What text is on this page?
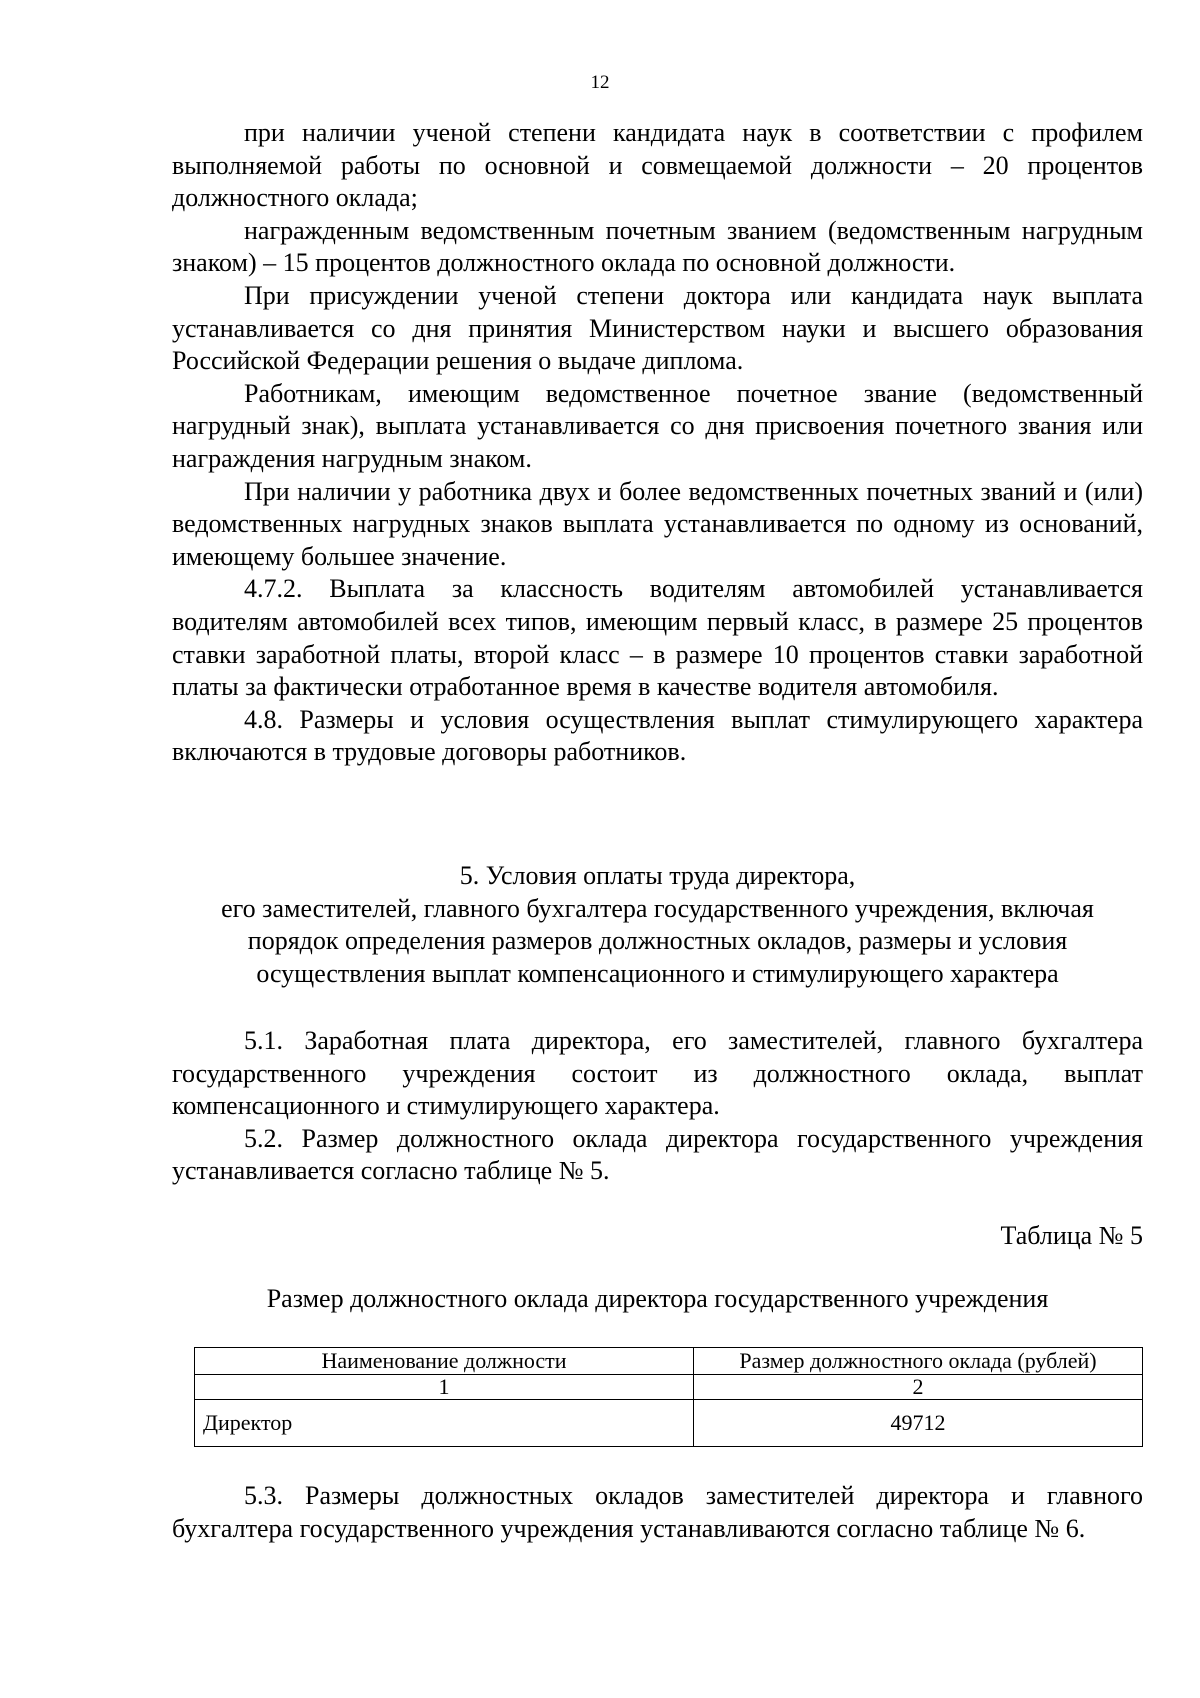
12

при наличии ученой степени кандидата наук в соответствии с профилем выполняемой работы по основной и совмещаемой должности – 20 процентов должностного оклада;

награжденным ведомственным почетным званием (ведомственным нагрудным знаком) – 15 процентов должностного оклада по основной должности.

При присуждении ученой степени доктора или кандидата наук выплата устанавливается со дня принятия Министерством науки и высшего образования Российской Федерации решения о выдаче диплома.

Работникам, имеющим ведомственное почетное звание (ведомственный нагрудный знак), выплата устанавливается со дня присвоения почетного звания или награждения нагрудным знаком.

При наличии у работника двух и более ведомственных почетных званий и (или) ведомственных нагрудных знаков выплата устанавливается по одному из оснований, имеющему большее значение.

4.7.2. Выплата за классность водителям автомобилей устанавливается водителям автомобилей всех типов, имеющим первый класс, в размере 25 процентов ставки заработной платы, второй класс – в размере 10 процентов ставки заработной платы за фактически отработанное время в качестве водителя автомобиля.

4.8. Размеры и условия осуществления выплат стимулирующего характера включаются в трудовые договоры работников.

5. Условия оплаты труда директора,
его заместителей, главного бухгалтера государственного учреждения, включая
порядок определения размеров должностных окладов, размеры и условия
осуществления выплат компенсационного и стимулирующего характера

5.1. Заработная плата директора, его заместителей, главного бухгалтера государственного учреждения состоит из должностного оклада, выплат компенсационного и стимулирующего характера.

5.2. Размер должностного оклада директора государственного учреждения устанавливается согласно таблице № 5.

Таблица № 5
Размер должностного оклада директора государственного учреждения
Наименование должности	Размер должностного оклада (рублей)
1	2
Директор	49712

5.3. Размеры должностных окладов заместителей директора и главного бухгалтера государственного учреждения устанавливаются согласно таблице № 6.
